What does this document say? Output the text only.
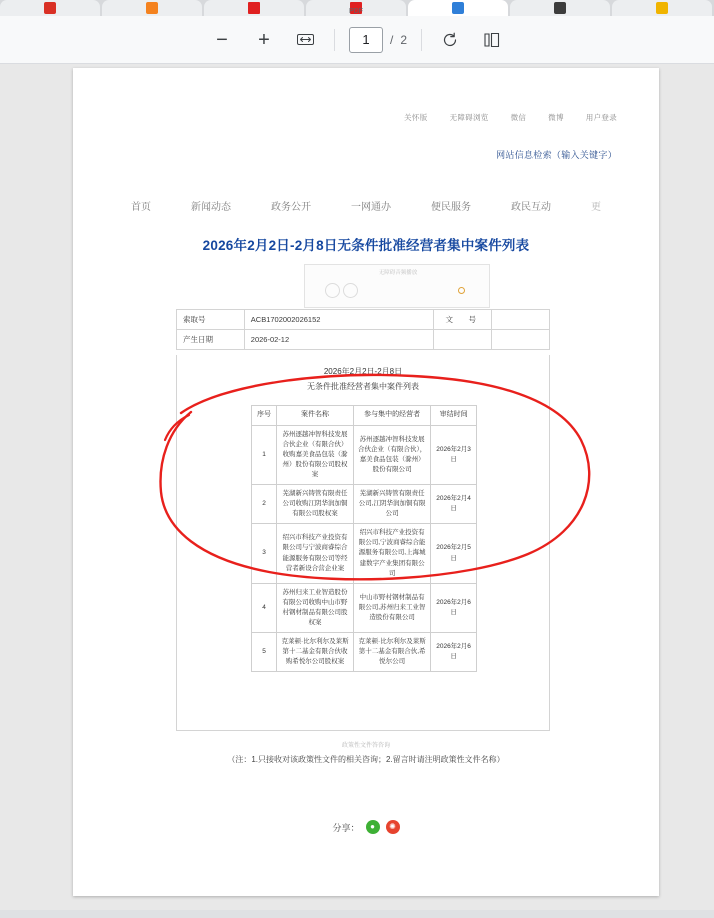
PDF
− +
1	/ 2
关怀版	无障碍浏览	微信	微博	用户登录
网站信息检索（输入关键字）
首页	新闻动态	政务公开	一网通办	便民服务	政民互动	更
2026年2月2日-2月8日无条件批准经营者集中案件列表
无障碍音频播放
索取号	ACB1702002026152	文　号	
产生日期	2026-02-12		
2026年2月2日-2月8日
无条件批准经营者集中案件列表
序号	案件名称	参与集中的经营者	审结时间
1	苏州逐越冲智科技发展合伙企业（有限合伙）收购嘉美食品包装（滁州）股份有限公司股权案	苏州逐越冲智科技发展合伙企业（有限合伙），嘉美食品包装（滁州）股份有限公司	2026年2月3日
2	芜湖新兴铸管有限责任公司收购江阴华润加铜有限公司股权案	芜湖新兴铸管有限责任公司,江阴华润加铜有限公司	2026年2月4日
3	绍兴市科技产业投资有限公司与宁波商睿综合能源服务有限公司等经营者新设合营企业案	绍兴市科技产业投资有限公司,宁波商睿综合能源服务有限公司,上海城建数字产业集团有限公司	2026年2月5日
4	苏州归来工业智造股份有限公司收购中山市野村钢材制品有限公司股权案	中山市野村钢材制品有限公司,苏州归来工业智造股份有限公司	2026年2月6日
5	克莱顿·比尔利尔及莱斯第十二基金有限合伙收购希悦尔公司股权案	克莱顿·比尔利尔及莱斯第十二基金有限合伙,希悦尔公司	2026年2月6日
政策性文件答咨询
（注：1.只接收对该政策性文件的相关咨询；2.留言时请注明政策性文件名称）
分享：	●	✺
